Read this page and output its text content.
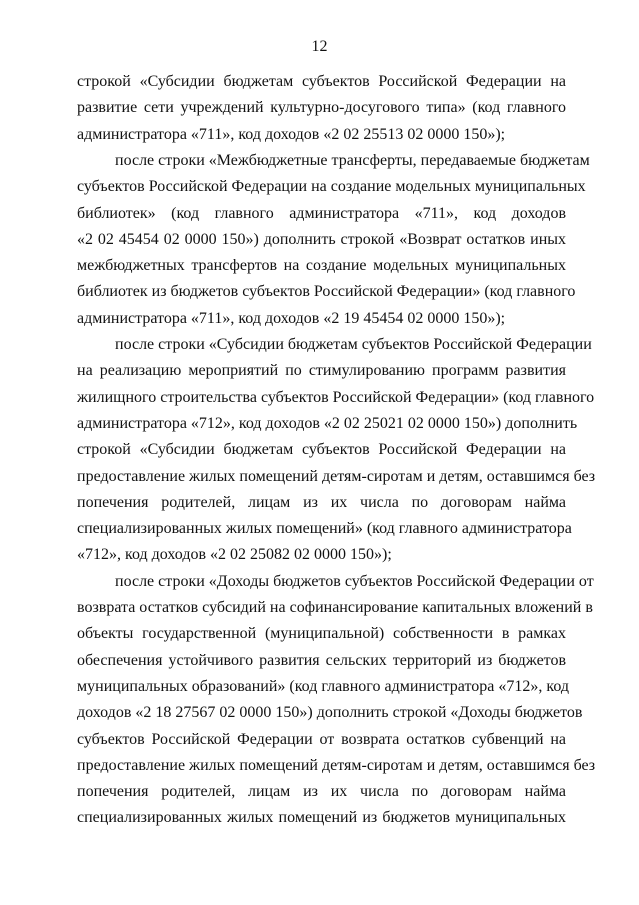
12
строкой «Субсидии бюджетам субъектов Российской Федерации на
развитие сети учреждений культурно-досугового типа» (код главного
администратора «711», код доходов «2 02 25513 02 0000 150»);
после строки «Межбюджетные трансферты, передаваемые бюджетам
субъектов Российской Федерации на создание модельных муниципальных
библиотек» (код главного администратора «711», код доходов
«2 02 45454 02 0000 150») дополнить строкой «Возврат остатков иных
межбюджетных трансфертов на создание модельных муниципальных
библиотек из бюджетов субъектов Российской Федерации» (код главного
администратора «711», код доходов «2 19 45454 02 0000 150»);
после строки «Субсидии бюджетам субъектов Российской Федерации
на реализацию мероприятий по стимулированию программ развития
жилищного строительства субъектов Российской Федерации» (код главного
администратора «712», код доходов «2 02 25021 02 0000 150») дополнить
строкой «Субсидии бюджетам субъектов Российской Федерации на
предоставление жилых помещений детям-сиротам и детям, оставшимся без
попечения родителей, лицам из их числа по договорам найма
специализированных жилых помещений» (код главного администратора
«712», код доходов «2 02 25082 02 0000 150»);
после строки «Доходы бюджетов субъектов Российской Федерации от
возврата остатков субсидий на софинансирование капитальных вложений в
объекты государственной (муниципальной) собственности в рамках
обеспечения устойчивого развития сельских территорий из бюджетов
муниципальных образований» (код главного администратора «712», код
доходов «2 18 27567 02 0000 150») дополнить строкой «Доходы бюджетов
субъектов Российской Федерации от возврата остатков субвенций на
предоставление жилых помещений детям-сиротам и детям, оставшимся без
попечения родителей, лицам из их числа по договорам найма
специализированных жилых помещений из бюджетов муниципальных
